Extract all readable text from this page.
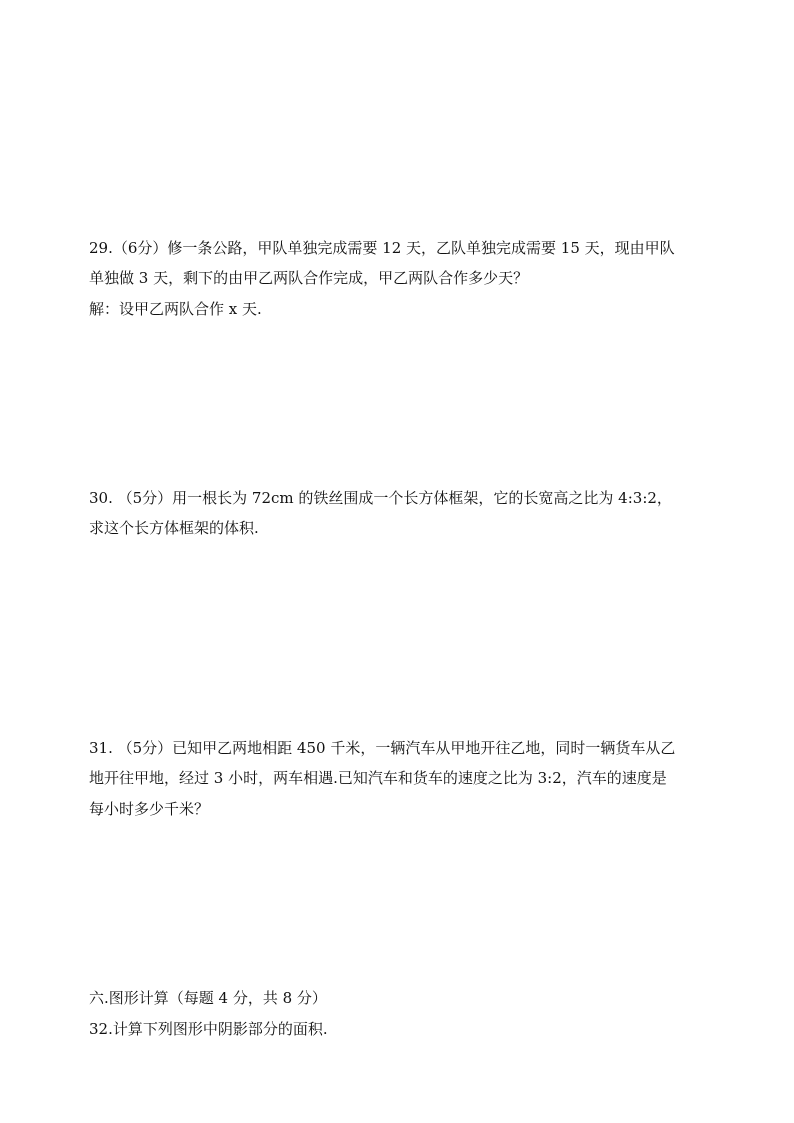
29.（6分）修一条公路，甲队单独完成需要 12 天，乙队单独完成需要 15 天，现由甲队
单独做 3 天，剩下的由甲乙两队合作完成，甲乙两队合作多少天？
解：设甲乙两队合作 x 天.
30. （5分）用一根长为 72cm 的铁丝围成一个长方体框架，它的长宽高之比为 4:3:2，
求这个长方体框架的体积.
31. （5分）已知甲乙两地相距 450 千米，一辆汽车从甲地开往乙地，同时一辆货车从乙
地开往甲地，经过 3 小时，两车相遇.已知汽车和货车的速度之比为 3:2，汽车的速度是
每小时多少千米？
六.图形计算（每题 4 分，共 8 分）
32.计算下列图形中阴影部分的面积.
